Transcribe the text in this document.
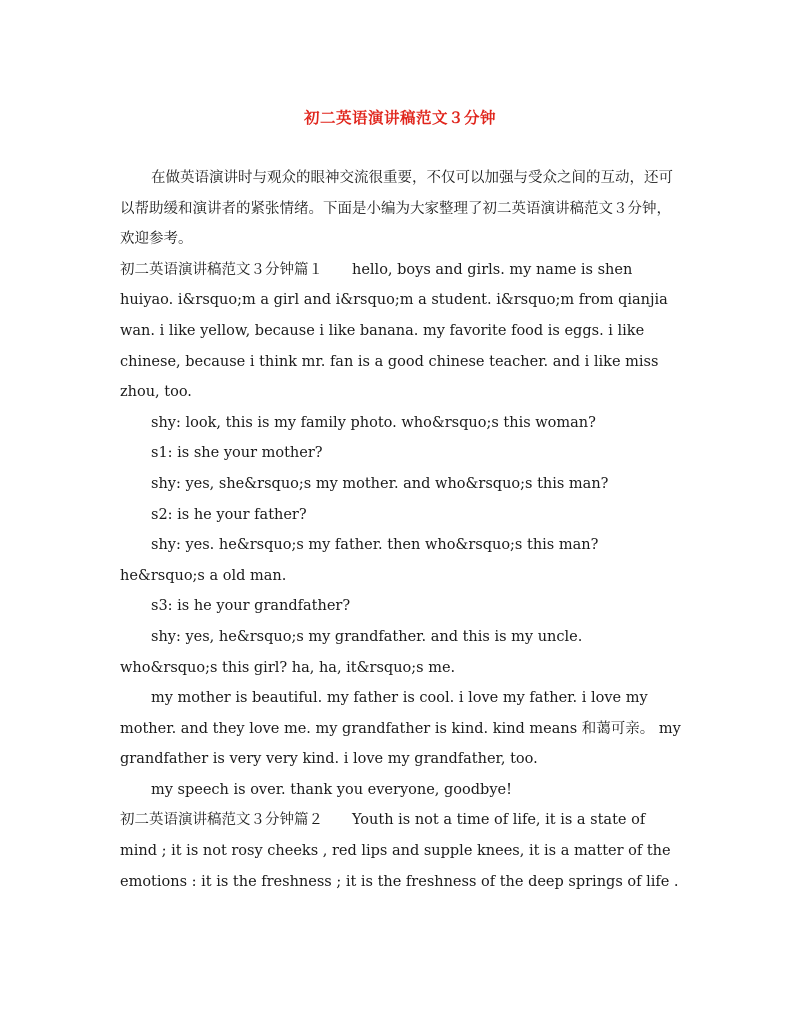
初二英语演讲稿范文３分钟

在做英语演讲时与观众的眼神交流很重要，不仅可以加强与受众之间的互动，还可以帮助缓和演讲者的紧张情绪。下面是小编为大家整理了初二英语演讲稿范文３分钟，欢迎参考。

初二英语演讲稿范文３分钟篇１　　hello, boys and girls. my name is shen huiyao. i&rsquo;m a girl and i&rsquo;m a student. i&rsquo;m from qianjia wan. i like yellow, because i like banana. my favorite food is eggs. i like chinese, because i think mr. fan is a good chinese teacher. and i like miss zhou, too.

shy: look, this is my family photo. who&rsquo;s this woman?

s1: is she your mother?

shy: yes, she&rsquo;s my mother. and who&rsquo;s this man?

s2: is he your father?

shy: yes. he&rsquo;s my father. then who&rsquo;s this man? he&rsquo;s a old man.

s3: is he your grandfather?

shy: yes, he&rsquo;s my grandfather. and this is my uncle. who&rsquo;s this girl? ha, ha, it&rsquo;s me.

my mother is beautiful. my father is cool. i love my father. i love my mother. and they love me. my grandfather is kind. kind means 和蔼可亲。 my grandfather is very very kind. i love my grandfather, too.

my speech is over. thank you everyone, goodbye!

初二英语演讲稿范文３分钟篇２　　Youth is not a time of life, it is a state of mind ; it is not rosy cheeks , red lips and supple knees, it is a matter of the emotions : it is the freshness ; it is the freshness of the deep springs of life .
